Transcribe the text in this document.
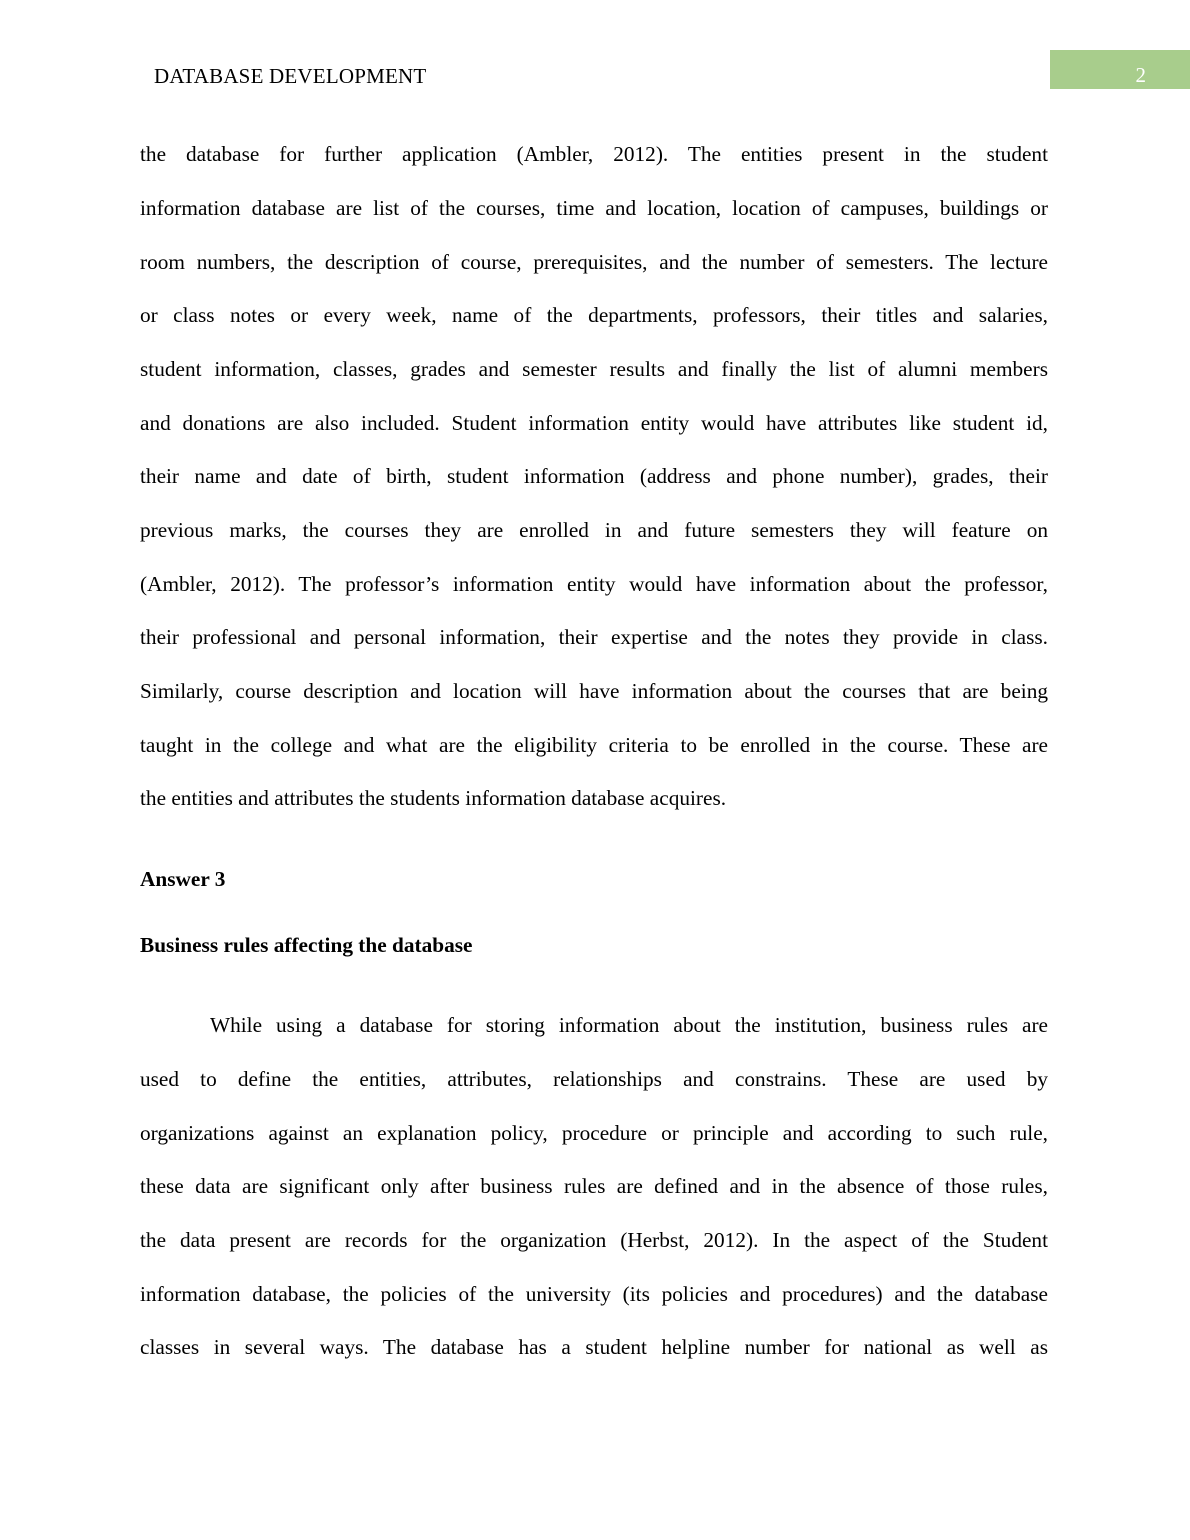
DATABASE DEVELOPMENT	2
the database for further application (Ambler, 2012). The entities present in the student
information database are list of the courses, time and location, location of campuses, buildings or
room numbers, the description of course, prerequisites, and the number of semesters. The lecture
or class notes or every week, name of the departments, professors, their titles and salaries,
student information, classes, grades and semester results and finally the list of alumni members
and donations are also included. Student information entity would have attributes like student id,
their name and date of birth, student information (address and phone number), grades, their
previous marks, the courses they are enrolled in and future semesters they will feature on
(Ambler, 2012). The professor’s information entity would have information about the professor,
their professional and personal information, their expertise and the notes they provide in class.
Similarly, course description and location will have information about the courses that are being
taught in the college and what are the eligibility criteria to be enrolled in the course. These are
the entities and attributes the students information database acquires.
Answer 3
Business rules affecting the database
While using a database for storing information about the institution, business rules are
used to define the entities, attributes, relationships and constrains. These are used by
organizations against an explanation policy, procedure or principle and according to such rule,
these data are significant only after business rules are defined and in the absence of those rules,
the data present are records for the organization (Herbst, 2012). In the aspect of the Student
information database, the policies of the university (its policies and procedures) and the database
classes in several ways. The database has a student helpline number for national as well as
